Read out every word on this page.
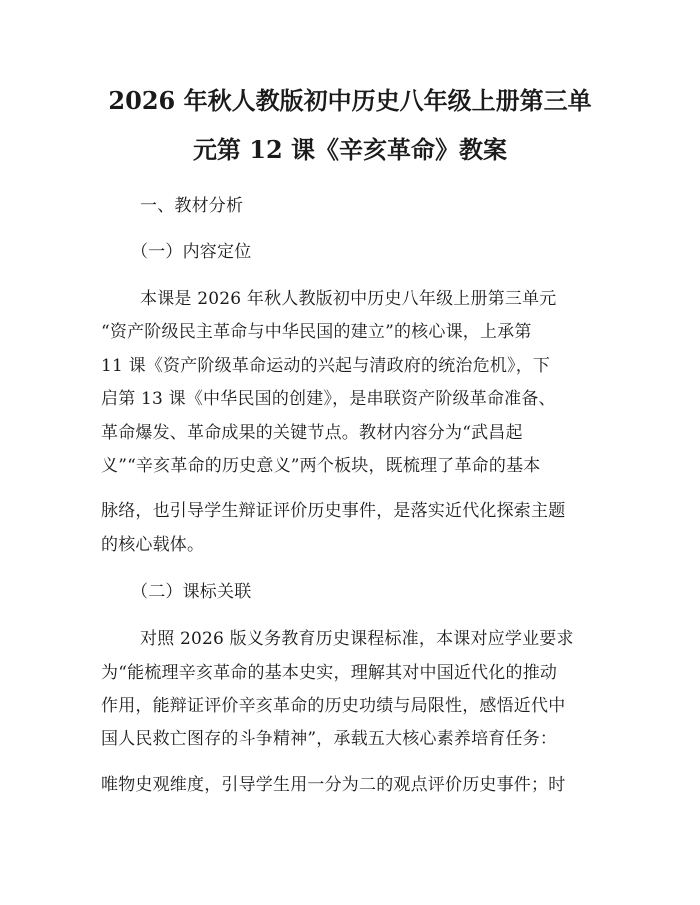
2026 年秋人教版初中历史八年级上册第三单
元第 12 课《辛亥革命》教案
一、教材分析
（一）内容定位
本课是 2026 年秋人教版初中历史八年级上册第三单元
“资产阶级民主革命与中华民国的建立”的核心课，上承第
11 课《资产阶级革命运动的兴起与清政府的统治危机》，下
启第 13 课《中华民国的创建》，是串联资产阶级革命准备、
革命爆发、革命成果的关键节点。教材内容分为“武昌起
义”“辛亥革命的历史意义”两个板块，既梳理了革命的基本
脉络，也引导学生辩证评价历史事件，是落实近代化探索主题
的核心载体。
（二）课标关联
对照 2026 版义务教育历史课程标准，本课对应学业要求
为“能梳理辛亥革命的基本史实，理解其对中国近代化的推动
作用，能辩证评价辛亥革命的历史功绩与局限性，感悟近代中
国人民救亡图存的斗争精神”，承载五大核心素养培育任务：
唯物史观维度，引导学生用一分为二的观点评价历史事件；时
